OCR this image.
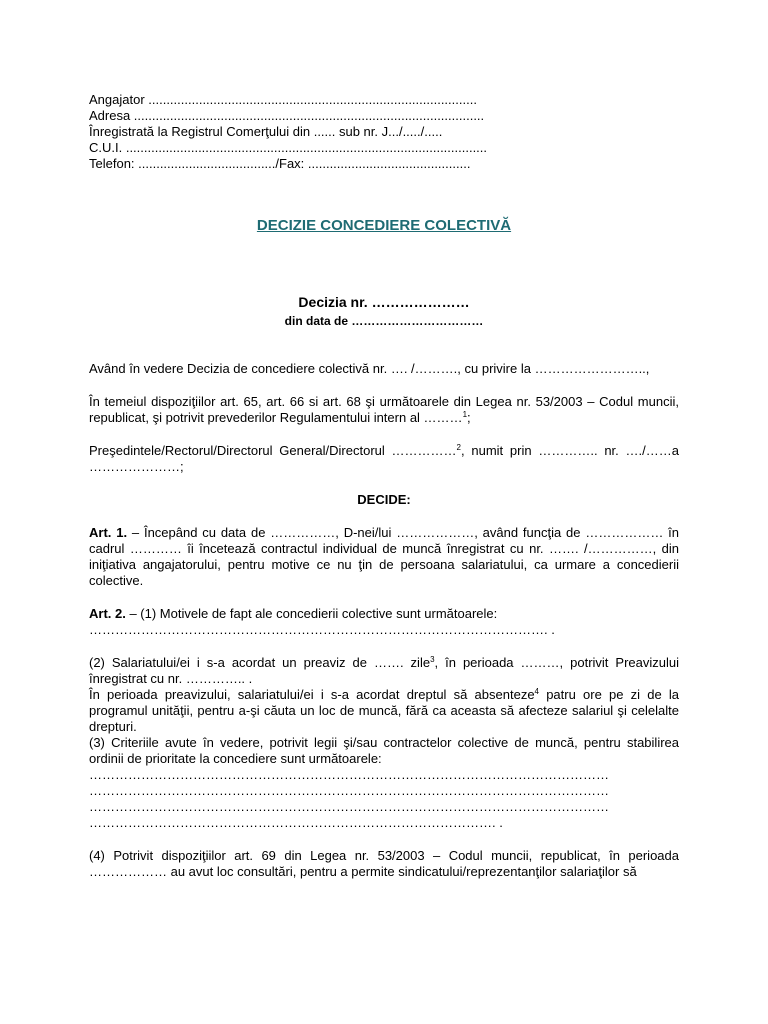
Angajator ...........................................................................................
Adresa .................................................................................................
Înregistrată la Registrul Comerţului din ...... sub nr. J.../...../.....
C.U.I. ....................................................................................................
Telefon: ....................................../Fax: .............................................
DECIZIE CONCEDIERE COLECTIVĂ
Decizia nr. …………………
din data de ……………………………

Având în vedere Decizia de concediere colectivă nr. …. /………., cu privire la ……………………..,

În temeiul dispoziţiilor art. 65, art. 66 si art. 68 şi următoarele din Legea nr. 53/2003 – Codul muncii, republicat, şi potrivit prevederilor Regulamentului intern al ………$^1$;

Preşedintele/Rectorul/Directorul General/Directorul ……………$^2$, numit prin ………….. nr. …./……a …………………;

DECIDE:

Art. 1. – Începând cu data de ……………, D-nei/lui ………………, având funcţia de ……………… în cadrul ………… îi încetează contractul individual de muncă înregistrat cu nr. ……. /……………, din iniţiativa angajatorului, pentru motive ce nu ţin de persoana salariatului, ca urmare a concedierii colective.

Art. 2. – (1) Motivele de fapt ale concedierii colective sunt următoarele:

……………………………………………………………………………………………. .

(2) Salariatului/ei i s-a acordat un preaviz de ……. zile$^3$, în perioada ………, potrivit Preavizului înregistrat cu nr. ………….. .

În perioada preavizului, salariatului/ei i s-a acordat dreptul să absenteze$^4$ patru ore pe zi de la programul unităţii, pentru a-şi căuta un loc de muncă, fără ca aceasta să afecteze salariul şi celelalte drepturi.

(3) Criteriile avute în vedere, potrivit legii şi/sau contractelor colective de muncă, pentru stabilirea ordinii de prioritate la concediere sunt următoarele:

…………………………………………………………………………………………………………
…………………………………………………………………………………………………………
…………………………………………………………………………………………………………
…………………………………………………………………………………. .

(4) Potrivit dispoziţiilor art. 69 din Legea nr. 53/2003 – Codul muncii, republicat, în perioada ……………… au avut loc consultări, pentru a permite sindicatului/reprezentanţilor salariaţilor să
